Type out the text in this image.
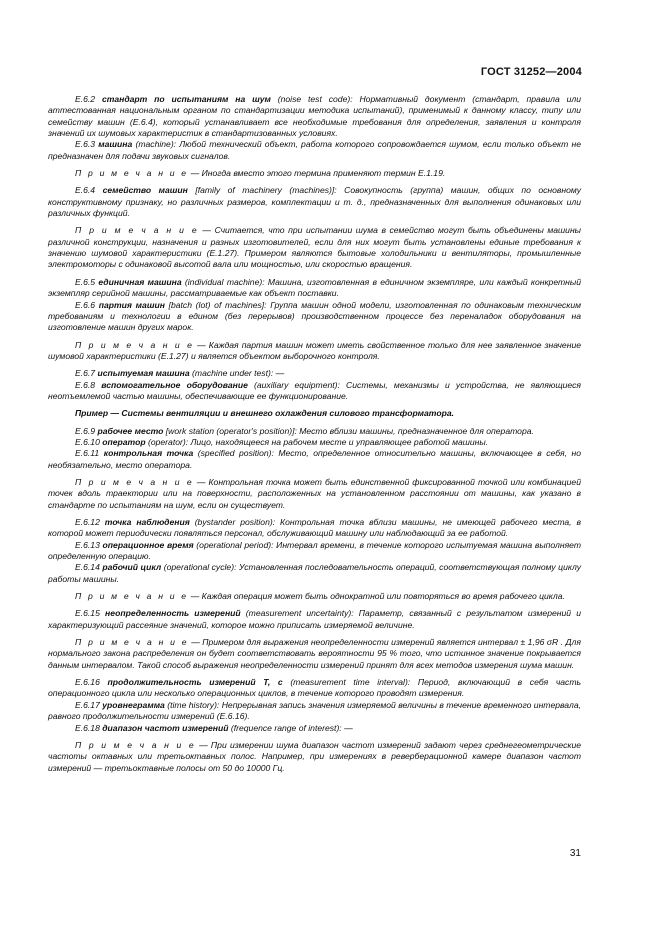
ГОСТ 31252—2004

Е.6.2 стандарт по испытаниям на шум (noise test code): Нормативный документ (стандарт, правила или аттестованная национальным органом по стандартизации методика испытаний), применимый к данному классу, типу или семейству машин (Е.6.4), который устанавливает все необходимые требования для определения, заявления и контроля значений их шумовых характеристик в стандартизованных условиях.

Е.6.3 машина (machine): Любой технический объект, работа которого сопровождается шумом, если только объект не предназначен для подачи звуковых сигналов.

П р и м е ч а н и е — Иногда вместо этого термина применяют термин Е.1.19.

Е.6.4 семейство машин [family of machinery (machines)]: Совокупность (группа) машин, общих по основному конструктивному признаку, но различных размеров, комплектации и т. д., предназначенных для выполнения одинаковых или различных функций.

П р и м е ч а н и е — Считается, что при испытании шума в семейство могут быть объединены машины различной конструкции, назначения и разных изготовителей, если для них могут быть установлены единые требования к значению шумовой характеристики (Е.1.27). Примером являются бытовые холодильники и вентиляторы, промышленные электромоторы с одинаковой высотой вала или мощностью, или скоростью вращения.

Е.6.5 единичная машина (individual machine): Машина, изготовленная в единичном экземпляре, или каждый конкретный экземпляр серийной машины, рассматриваемые как объект поставки.

Е.6.6 партия машин [batch (lot) of machines]: Группа машин одной модели, изготовленная по одинаковым техническим требованиям и технологии в едином (без перерывов) производственном процессе без переналадок оборудования на изготовление машин других марок.

П р и м е ч а н и е — Каждая партия машин может иметь свойственное только для нее заявленное значение шумовой характеристики (Е.1.27) и является объектом выборочного контроля.

Е.6.7 испытуемая машина (machine under test): —

Е.6.8 вспомогательное оборудование (auxiliary equipment): Системы, механизмы и устройства, не являющиеся неотъемлемой частью машины, обеспечивающие ее функционирование.

Пример — Системы вентиляции и внешнего охлаждения силового трансформатора.

Е.6.9 рабочее место [work station (operator's position)]: Место вблизи машины, предназначенное для оператора.

Е.6.10 оператор (operator): Лицо, находящееся на рабочем месте и управляющее работой машины.

Е.6.11 контрольная точка (specified position): Место, определенное относительно машины, включающее в себя, но необязательно, место оператора.

П р и м е ч а н и е — Контрольная точка может быть единственной фиксированной точкой или комбинацией точек вдоль траектории или на поверхности, расположенных на установленном расстоянии от машины, как указано в стандарте по испытаниям на шум, если он существует.

Е.6.12 точка наблюдения (bystander position): Контрольная точка вблизи машины, не имеющей рабочего места, в которой может периодически появляться персонал, обслуживающий машину или наблюдающий за ее работой.

Е.6.13 операционное время (operational period): Интервал времени, в течение которого испытуемая машина выполняет определенную операцию.

Е.6.14 рабочий цикл (operational cycle): Установленная последовательность операций, соответствующая полному циклу работы машины.

П р и м е ч а н и е — Каждая операция может быть однократной или повторяться во время рабочего цикла.

Е.6.15 неопределенность измерений (measurement uncertainty): Параметр, связанный с результатом измерений и характеризующий рассеяние значений, которое можно приписать измеряемой величине.

П р и м е ч а н и е — Примером для выражения неопределенности измерений является интервал ± 1,96 σR . Для нормального закона распределения он будет соответствовать вероятности 95 % того, что истинное значение покрывается данным интервалом. Такой способ выражения неопределенности измерений принят для всех методов измерения шума машин.

Е.6.16 продолжительность измерений T, с (measurement time interval): Период, включающий в себя часть операционного цикла или несколько операционных циклов, в течение которого проводят измерения.

Е.6.17 уровнеграмма (time history): Непрерывная запись значения измеряемой величины в течение временного интервала, равного продолжительности измерений (Е.6.16).

Е.6.18 диапазон частот измерений (frequence range of interest): —

П р и м е ч а н и е — При измерении шума диапазон частот измерений задают через среднегеометрические частоты октавных или третьоктавных полос. Например, при измерениях в реверберационной камере диапазон частот измерений — третьоктавные полосы от 50 до 10000 Гц.

31
